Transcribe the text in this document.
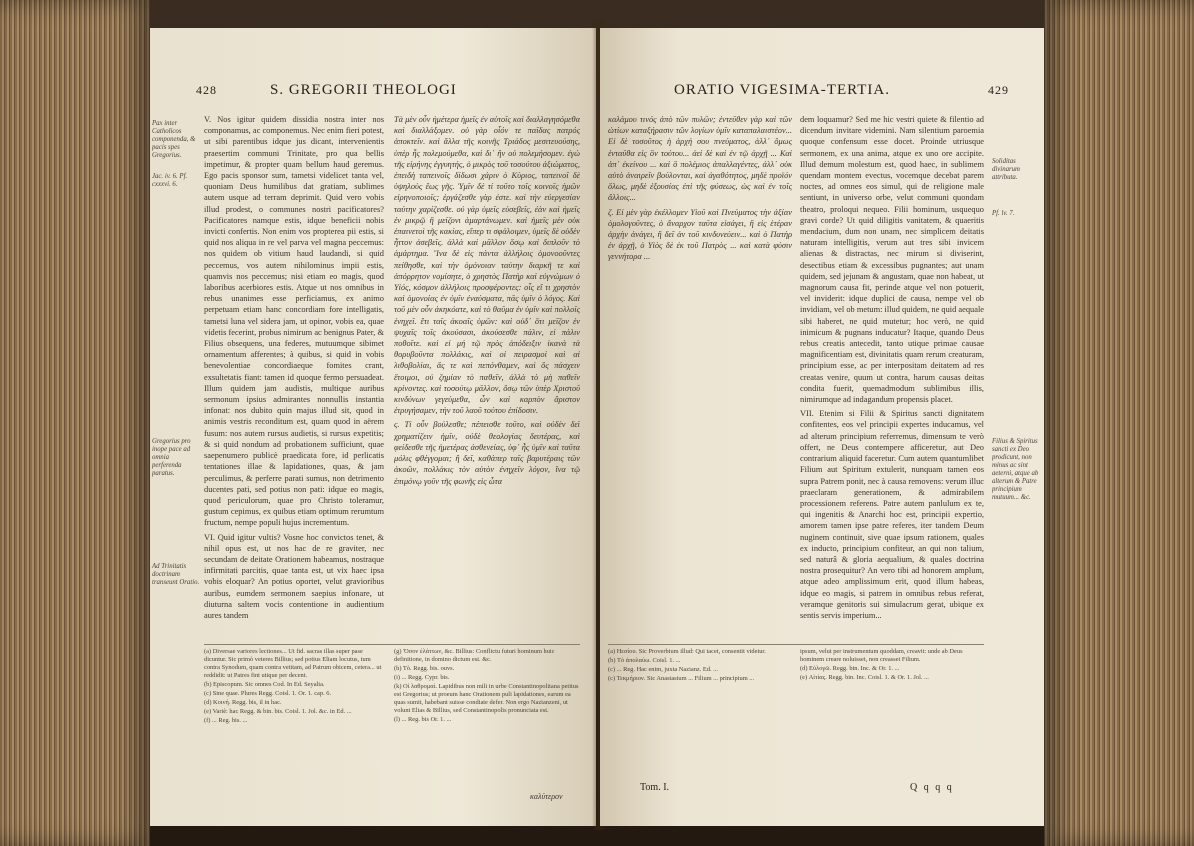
428	S. GREGORII THEOLOGI
Pax inter Catholicos componenda, & pacis spes Gregorius.
Jac. iv. 6. Pf. cxxxvi. 6.
Gregorius pro inope pace ad omnia perferenda paratus.
Ad Trinitatis doctrinam transeunt Oratio.

V. Nos igitur quidem dissidia nostra inter nos componamus, ac componemus. Nec enim fieri potest, ut sibi parentibus idque jus dicant, intervenientis praesertim communi Trinitate, pro qua bellis impetimur, & propter quam bellum haud geremus. Ego pacis sponsor sum, tametsi videlicet tanta vel, quoniam Deus humilibus dat gratiam, sublimes autem usque ad terram deprimit. Quid vero vobis illud prodest, o communes nostri pacificatores? Pacificatores namque estis, idque beneficii nobis invicti confertis. Non enim vos propterea pii estis, si quid nos aliqua in re vel parva vel magna peccemus: nos quidem ob vitium haud laudandi, si quid peccemus, vos autem nihilominus impii estis, quamvis nos peccemus; nisi etiam eo magis, quod laboribus acerbiores estis. Atque ut nos omnibus in rebus unanimes esse perficiamus, ex animo perpetuam etiam hanc concordiam fore intelligatis, tametsi luna vel sidera jam, ut opinor, vobis ea, quae videtis fecerint, probus nimirum ac benignus Pater, & Filius obsequens, una federes, mutuumque sibimet ornamentum afferentes; à quibus, si quid in vobis benevolentiae concordiaeque fomites crant, exsultetatis fiant: tamen id quoque fermo persuadeat. Illum quidem jam audistis, multique auribus sermonum ipsius admirantes nonnullis instantia infonat: nos dubito quin majus illud sit, quod in animis vestris reconditum est, quam quod in aërem fusum: nos autem rursus audietis, si rursus expetitis; & si quid nondum ad probationem sufficiunt, quae saepenumero publicè praedicata fore, id perlicatis tentationes illae & lapidationes, quas, & jam perculimus, & perferre parati sumus, non detrimento ducentes pati, sed potius non pati: idque eo magis, quod periculorum, quae pro Christo toleramur, gustum cepimus, ex quibus etiam optimum rerumtum fructum, nempe populi hujus incrementum.

VI. Quid igitur vultis? Vosne hoc convictos tenet, & nihil opus est, ut nos hac de re graviter, nec secundam de deitate Orationem habeamus, nostraque infirmitati parcitis, quae tanta est, ut vix haec ipsa vobis eloquar? An potius oportet, velut gravioribus auribus, eumdem sermonem saepius infonare, ut diuturna saltem vocis contentione in audientium aures tandem

Τὰ μὲν οὖν ἡμέτερα ἡμεῖς ἐν αὐτοῖς καὶ διαλλαγησόμεθα καὶ διαλλάξομεν. οὐ γὰρ οἷόν τε παῖδας πατρός ἀποκτεῖν. καὶ ἄλλα τῆς κοινῆς Τριάδος μεσιτευούσης, ὑπὲρ ἧς πολεμούμεθα, καὶ δι᾽ ἣν οὐ πολεμήσομεν. ἐγὼ τῆς εἰρήνης ἐγγυητής, ὁ μικρὸς τοῦ τοσούτου ἀξιώματος, ἐπειδὴ ταπεινοῖς δίδωσι χάριν ὁ Κύριος, ταπεινοῖ δὲ ὑψηλοὺς ἕως γῆς. Ὑμῖν δὲ τί τοῦτο τοῖς κοινοῖς ἡμῶν εἰρηνοποιοῖς; ἐργάζεσθε γὰρ ἐστε. καὶ τὴν εὐεργεσίαν ταύτην χαρίζεσθε. οὐ γὰρ ὑμεῖς εὐσεβεῖς, ἐὰν καὶ ἡμεῖς ἐν μικρῷ ἢ μείζονι ἁμαρτάνωμεν. καὶ ἡμεῖς μὲν οὐκ ἐπαινετοὶ τῆς κακίας, εἴπερ τι σφάλοιμεν, ὑμεῖς δὲ οὐδὲν ἧττον ἀσεβεῖς. ἀλλὰ καὶ μᾶλλον ὅσῳ καὶ διπλοῦν τὸ ἁμάρτημα. Ἵνα δὲ εἰς πάντα ἀλλήλοις ὁμονοοῦντες πείθησθε, καὶ τὴν ὁμόνοιαν ταύτην διαρκῆ τε καὶ ἀπόρρητον νομίσητε, ὁ χρηστὸς Πατὴρ καὶ εὐγνώμων ὁ Υἱός, κόσμον ἀλλήλοις προσφέροντες: οἷς εἴ τι χρηστὸν καὶ ὁμονοίας ἐν ὑμῖν ἐναύσματα, πᾶς ὑμῖν ὁ λόγος. Καὶ τοῦ μὲν οὖν ἀκηκόατε, καὶ τὸ θαῦμα ἐν ὑμῖν καὶ πολλοῖς ἐνηχεῖ. ἔτι ταῖς ἀκοαῖς ὑμῶν: καὶ οὐδ᾽ ὅτι μεῖζον ἐν ψυχαῖς τοῖς ἀκούσασι, ἀκούσεσθε πάλιν, εἰ πάλιν ποθοῖτε. καὶ εἰ μή τῷ πρὸς ἀπόδειξιν ἱκανὰ τὰ θορυβοῦντα πολλάκις, καὶ οἱ πειρασμοὶ καὶ αἱ λιθοβολίαι, ἅς τε καὶ πεπόνθαμεν, καὶ ὅς πάσχειν ἕτοιμοι, οὐ ζημίαν τὸ παθεῖν, ἀλλὰ τὸ μὴ παθεῖν κρίνοντες. καὶ τοσούτῳ μᾶλλον, ὅσῳ τῶν ὑπὲρ Χριστοῦ κινδύνων γεγεύμεθα, ὧν καὶ καρπὸν ἄριστον ἐτρυγήσαμεν, τὴν τοῦ λαοῦ τούτου ἐπίδοσιν.

ς. Τί οὖν βούλεσθε; πέπεισθε τοῦτο, καὶ οὐδὲν δεῖ χρηματίζειν ἡμῖν, οὐδὲ θεολογίας δευτέρας, καὶ φείδεσθε τῆς ἡμετέρας ἀσθενείας, ὑφ᾽ ἧς ὑμῖν καὶ ταῦτα μόλις φθέγγομαι; ἢ δεῖ, καθάπερ ταῖς βαρυτέραις τῶν ἀκοῶν, πολλάκις τὸν αὐτὸν ἐνηχεῖν λόγον, ἵνα τῷ ἐπιμόνῳ γοῦν τῆς φωνῆς εἰς ὦτα

(a) Diversae variores lectiones... Ut fid. sacras illas super pase dicuntur. Sic primò veteres Billius; sed potius Eliam locutus, tum contra Synodum, quam contra vetitam, ad Patrum obicem, cetera... ut reddidit: ut Patres fint utique per decent.
(b) Episcopum. Sic omnes Cod. In Ed. Seyalia.
(c) Sine quae. Plures Regg. Coisl. 1. Or. 1. cap. 6.
(d) Κοινή. Regg. bis, il in hac.
(e) Variè: hac Regg. & bin. bis. Coisl. 1. Jol. &c. in Ed. ...
(f) ... Reg. bis. ...
(g) Ὅσον ἐλάττων, &c. Billius: Conflictu futuri hominum huic definitione, in domino dictum est. &c.
(h) Tò. Regg. bis. ouvs.
(i) ... Regg. Cypr. bis.
(k) Οἱ λαθρομαί. Lapidibus non mili in urbe Constantinopolitana petitus est Gregorius; ut proeum hanc Orationem puli lapidationes, earum ea quas sumit, habebant suisse condiate defer. Non ergo Nazianzeni, ut volunt Elias & Billius, sed Constantinopolis pronunciata est.
(l) ... Reg. bis Or. 1. ...
καλύτερον
ORATIO VIGESIMA-TERTIA.	429

καλάμου τινός ἀπὸ τῶν πυλῶν; ἐντεῦθεν γὰρ καὶ τῶν ὡτίων καταξήρασιν τῶν λογίων ὑμῖν καταπαλαιστέον... Εἰ δὲ τοσοῦτος ἡ ἀρχή σου πνεύματος, ἀλλ᾽ ὅμως ἐνταῦθα εἰς ὃν τούτου... ἀεὶ δὲ καὶ ἐν τῷ ἀρχῇ ... Καὶ ἀπ᾽ ἐκείνου ... καὶ ὃ πολέμιος ἀπαλλαγέντες, ἀλλ᾽ οὐκ αὐτὸ ἀναιρεῖν βούλονται, καὶ ἀγαθότητος, μηδὲ προϊόν ὅλως, μηδὲ ἐξουσίας ἐπὶ τῆς φύσεως, ὡς καὶ ἐν τοῖς ἄλλοις...

ζ. Εἰ μὲν γὰρ ἐκέλλομεν Υἱοῦ καὶ Πνεύματος τὴν ἀξίαν ὁμολογοῦντες, ὁ ἄναρχον ταῦτα εἰσάγει, ἢ εἰς ἑτέραν ἀρχὴν ἀνάγει, ἢ δεῖ ἀν τοῦ κινδυνεύειν... καὶ ὁ Πατὴρ ἐν ἀρχῇ, ὁ Υἱὸς δὲ ἐκ τοῦ Πατρὸς ... καὶ κατὰ φύσιν γεννήτορα ...

dem loquamur? Sed me hic vestri quiete & filentio ad dicendum invitare videmini. Nam silentium paroemia quoque confensum esse docet. Proinde utriusque sermonem, ex una anima, atque ex uno ore accipite. Illud demum molestum est, quod haec, in sublimem quendam montem evectus, vocemque decebat parem noctes, ad omnes eos simul, qui de religione male sentiunt, in universo orbe, velut communi quondam theatro, proloqui nequeo. Filii hominum, usquequo gravi corde? Ut quid diligitis vanitatem, & quaeritis mendacium, dum non unam, nec simplicem deitatis naturam intelligitis, verum aut tres sibi invicem alienas & distractas, nec mirum si diviserint, desectibus etiam & excessibus pugnantes; aut unam quidem, sed jejunam & angustam, quae non habeat, ut magnorum causa fit, perinde atque vel non potuerit, vel inviderit: idque duplici de causa, nempe vel ob invidiam, vel ob metum: illud quidem, ne quid aequale sibi haberet, ne quid mutetur; hoc verò, ne quid inimicum & pugnans inducatur? Itaque, quando Deus rebus creatis antecedit, tanto utique primae causae magnificentiam est, divinitatis quam rerum creaturam, principium esse, ac per interpositam deitatem ad res creatas venire, quum ut contra, harum causas deitas condita fuerit, quemadmodum sublimibus illis, nimirumque ad indagandum propensis placet.

VII. Etenim si Filii & Spiritus sancti dignitatem confitentes, eos vel principii expertes inducamus, vel ad alterum principium referremus, dimensum te verò offert, ne Deus contempere afficeretur, aut Deo contrarium aliquid faceretur. Cum autem quantumlibet Filium aut Spiritum extulerit, nunquam tamen eos supra Patrem ponit, nec à causa removens: verum illuc praeclaram generationem, & admirabilem processionem referens. Patre autem panlulum ex te, qui ingenitis & Anarchi hoc est, principii expertio, amorem tamen ipse patre referes, iter tandem Deum nuginem continuit, sive quae ipsum rationem, quales ex inducto, principium confiteur, an qui non talium, sed naturâ & gloria aequalium, & quales doctrina nostra prosequitur? An vero tibi ad honorem amplum, atque adeo amplissimum erit, quod illum habeas, idque eo magis, si patrem in omnibus rebus referat, veramque genitoris sui simulacrum gerat, ubique ex sentis servis imperium...

Soliditas divinarum attributa.
Pf. lv. 7.
Filius & Spiritus sancti ex Deo prodicunt, non minus ac sint aeterni, atque ab alterum & Patre principium mutuum... &c.
(a) Ηεσίου. Sic Proverbium illud: Qui tacet, consentit videtur.
(b) Τὸ ἀπολαύω. Coisl. 1. ...
(c) ... Reg. Hac enim, juxta Nazianz. Ed. ...
(c) Τεκμήριον. Sic Anastasium ... Filium ... principium ...
ipsum, velut per instrumentum quoddam, creavit: unde ab Deus hominem creare noluisset, non creasset Filium.
(d) Εὐλογῶ. Regg. bin. Inc. & Or. 1. ...
(e) Αἰτίας. Regg. bin. Inc. Coisl. 1. & Or. 1. Jol. ...
Tom. I.	Q q q q
